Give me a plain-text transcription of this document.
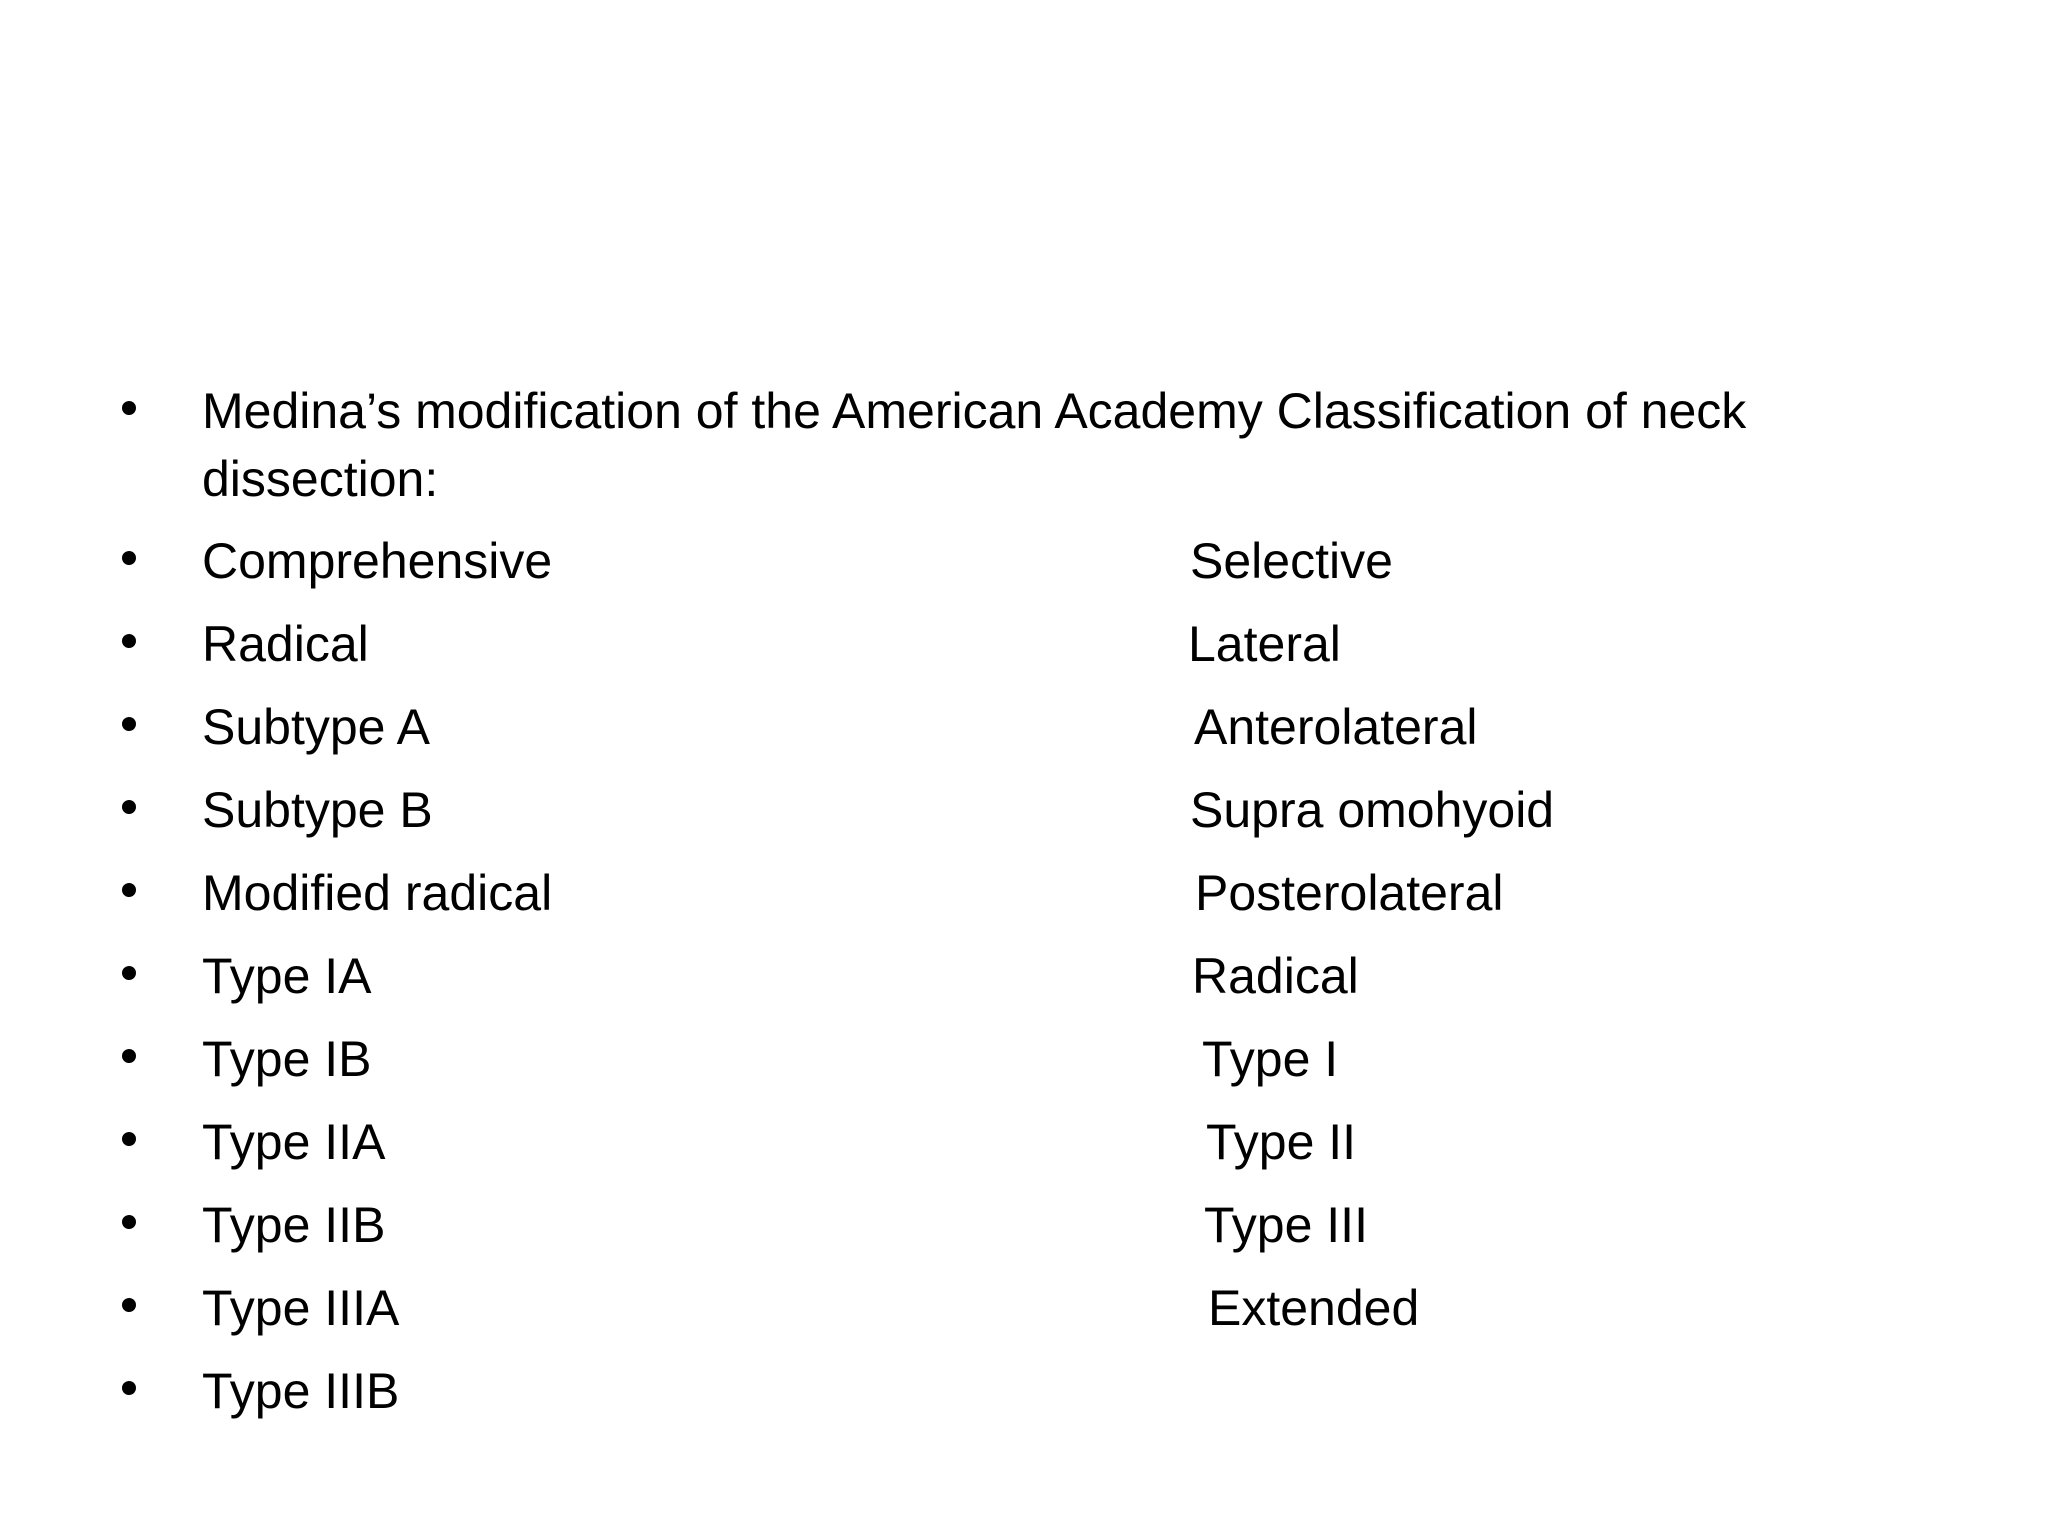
Medina’s modification of the American Academy Classification of neck dissection:
Comprehensive	Selective
Radical	Lateral
Subtype A	Anterolateral
Subtype B	Supra omohyoid
Modified radical	Posterolateral
Type IA	Radical
Type IB	Type I
Type IIA	Type II
Type IIB	Type III
Type IIIA	Extended
Type IIIB
